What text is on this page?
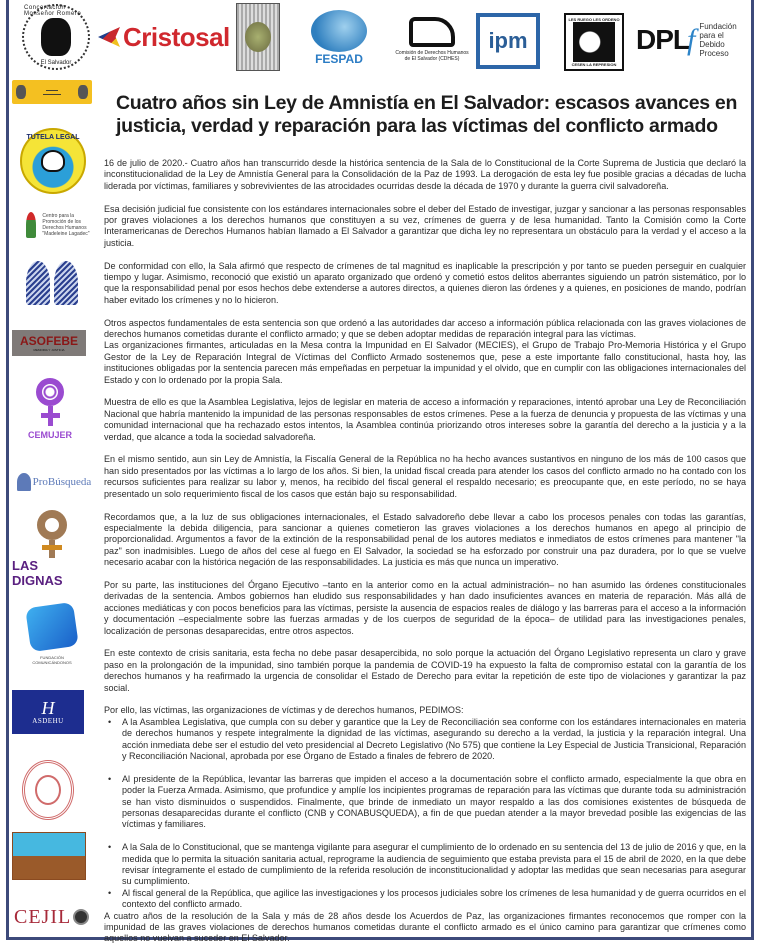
Concertación Monseñor Romero
El Salvador
Cristosal
FESPAD	Comisión de Derechos Humanos de El Salvador (CDHES)
ipm
LES RUEGO LES ORDENO
CESEN LA REPRESION
DPL
f Fundación
para el Debido
Proceso
▬▬▬▬
▬▬▬▬▬▬
TUTELA LEGAL
Centro para la
Promoción de los
Derechos Humanos
"Madeleine Lagadec"
ASOFEBE
MEMORIA Y JUSTICIA
CEMUJER
ProBúsqueda
LAS DIGNAS
FUNDACIÓN
COMUNICÁNDONOS
H
ASDEHU
CEJIL
Cuatro años sin Ley de Amnistía en El Salvador: escasos avances en justicia, verdad y reparación para las víctimas del conflicto armado

16 de julio de 2020.- Cuatro años han transcurrido desde la histórica sentencia de la Sala de lo Constitucional de la Corte Suprema de Justicia que declaró la inconstitucionalidad de la Ley de Amnistía General para la Consolidación de la Paz de 1993. La derogación de esta ley fue posible gracias a décadas de lucha liderada por víctimas, familiares y sobrevivientes de las atrocidades ocurridas desde la década de 1970 y durante la guerra civil salvadoreña.

Esa decisión judicial fue consistente con los estándares internacionales sobre el deber del Estado de investigar, juzgar y sancionar a las personas responsables por graves violaciones a los derechos humanos que constituyen a su vez, crímenes de guerra y de lesa humanidad. Tanto la Comisión como la Corte Interamericanas de Derechos Humanos habían llamado a El Salvador a garantizar que dicha ley no representara un obstáculo para la verdad y el acceso a la justicia.

De conformidad con ello, la Sala afirmó que respecto de crímenes de tal magnitud es inaplicable la prescripción y por tanto se pueden perseguir en cualquier tiempo y lugar. Asimismo, reconoció que existió un aparato organizado que ordenó y cometió estos delitos aberrantes siguiendo un patrón sistemático, por lo que la responsabilidad penal por esos hechos debe extenderse a autores directos, a quienes dieron las órdenes y a quienes, en posiciones de mando, podrían haber evitado los crímenes y no lo hicieron.

Otros aspectos fundamentales de esta sentencia son que ordenó a las autoridades dar acceso a información pública relacionada con las graves violaciones de derechos humanos cometidas durante el conflicto armado; y que se deben adoptar medidas de reparación integral para las víctimas.

Las organizaciones firmantes, articuladas en la Mesa contra la Impunidad en El Salvador (MECIES), el Grupo de Trabajo Pro-Memoria Histórica y el Grupo Gestor de la Ley de Reparación Integral de Víctimas del Conflicto Armado sostenemos que, pese a este importante fallo constitucional, hasta hoy, las instituciones obligadas por la sentencia parecen más empeñadas en perpetuar la impunidad y el olvido, que en cumplir con las obligaciones internacionales del Estado y con lo ordenado por la propia Sala.

Muestra de ello es que la Asamblea Legislativa, lejos de legislar en materia de acceso a información y reparaciones, intentó aprobar una Ley de Reconciliación Nacional que habría mantenido la impunidad de las personas responsables de estos crímenes. Pese a la fuerza de denuncia y propuesta de las víctimas y una comunidad internacional que ha rechazado estos intentos, la Asamblea continúa priorizando otros intereses sobre la garantía del derecho a la justicia y a la verdad, que alcance a toda la sociedad salvadoreña.

En el mismo sentido, aun sin Ley de Amnistía, la Fiscalía General de la República no ha hecho avances sustantivos en ninguno de los más de 100 casos que han sido presentados por las víctimas a lo largo de los años. Si bien, la unidad fiscal creada para atender los casos del conflicto armado no ha contado con los recursos suficientes para realizar su labor y, menos, ha recibido del fiscal general el respaldo necesario; es preocupante que, en este período, no se haya presentado un solo requerimiento fiscal de los casos que están bajo su responsabilidad.

Recordamos que, a la luz de sus obligaciones internacionales, el Estado salvadoreño debe llevar a cabo los procesos penales con todas las garantías, especialmente la debida diligencia, para sancionar a quienes cometieron las graves violaciones a los derechos humanos en apego al principio de proporcionalidad. Argumentos a favor de la extinción de la responsabilidad penal de los autores mediatos e inmediatos de estos crímenes para mantener "la paz" son inadmisibles. Luego de años del cese al fuego en El Salvador, la sociedad se ha esforzado por construir una paz duradera, por lo que se vuelve necesario acabar con la histórica negación de las responsabilidades. La justicia es más que nunca un imperativo.

Por su parte, las instituciones del Órgano Ejecutivo –tanto en la anterior como en la actual administración– no han asumido las órdenes constitucionales derivadas de la sentencia. Ambos gobiernos han eludido sus responsabilidades y han dado insuficientes avances en materia de reparación. Más allá de acciones mediáticas y con pocos beneficios para las víctimas, persiste la ausencia de espacios reales de diálogo y las barreras para el acceso a la información y documentación –especialmente sobre las fuerzas armadas y de los cuerpos de seguridad de la época– de utilidad para las investigaciones penales, localización de personas desaparecidas, entre otros aspectos.

En este contexto de crisis sanitaria, esta fecha no debe pasar desapercibida, no solo porque la actuación del Órgano Legislativo representa un claro y grave paso en la prolongación de la impunidad, sino también porque la pandemia de COVID-19 ha expuesto la falta de compromiso estatal con la garantía de los derechos humanos y ha reafirmado la urgencia de consolidar el Estado de Derecho para evitar la repetición de este tipo de violaciones y garantizar la paz social.

Por ello, las víctimas, las organizaciones de víctimas y de derechos humanos, PEDIMOS:

• A la Asamblea Legislativa, que cumpla con su deber y garantice que la Ley de Reconciliación sea conforme con los estándares internacionales en materia de derechos humanos y respete integralmente la dignidad de las víctimas, asegurando su derecho a la verdad, la justicia y la reparación integral. Una acción inmediata debe ser el estudio del veto presidencial al Decreto Legislativo (No 575) que contiene la Ley Especial de Justicia Transicional, Reparación y Reconciliación Nacional, aprobada por ese Órgano de Estado a finales de febrero de 2020.
• Al presidente de la República, levantar las barreras que impiden el acceso a la documentación sobre el conflicto armado, especialmente la que obra en poder la Fuerza Armada. Asimismo, que profundice y amplíe los incipientes programas de reparación para las víctimas que durante toda su administración se han visto disminuidos o suspendidos. Finalmente, que brinde de inmediato un mayor respaldo a las dos comisiones existentes de búsqueda de personas desaparecidas durante el conflicto (CNB y CONABUSQUEDA), a fin de que puedan atender a la mayor brevedad posible las exigencias de las víctimas y familiares.
• A la Sala de lo Constitucional, que se mantenga vigilante para asegurar el cumplimiento de lo ordenado en su sentencia del 13 de julio de 2016 y que, en la medida que lo permita la situación sanitaria actual, reprograme la audiencia de seguimiento que estaba prevista para el 15 de abril de 2020, en la que debe revisar íntegramente el estado de cumplimiento de la referida resolución de inconstitucionalidad y adoptar las medidas que sean necesarias para asegurar su cumplimiento.
• Al fiscal general de la República, que agilice las investigaciones y los procesos judiciales sobre los crímenes de lesa humanidad y de guerra ocurridos en el contexto del conflicto armado.

A cuatro años de la resolución de la Sala y más de 28 años desde los Acuerdos de Paz, las organizaciones firmantes reconocemos que romper con la impunidad de las graves violaciones de derechos humanos cometidas durante el conflicto armado es el único camino para garantizar que crímenes como aquellos no vuelvan a suceder en El Salvador.
